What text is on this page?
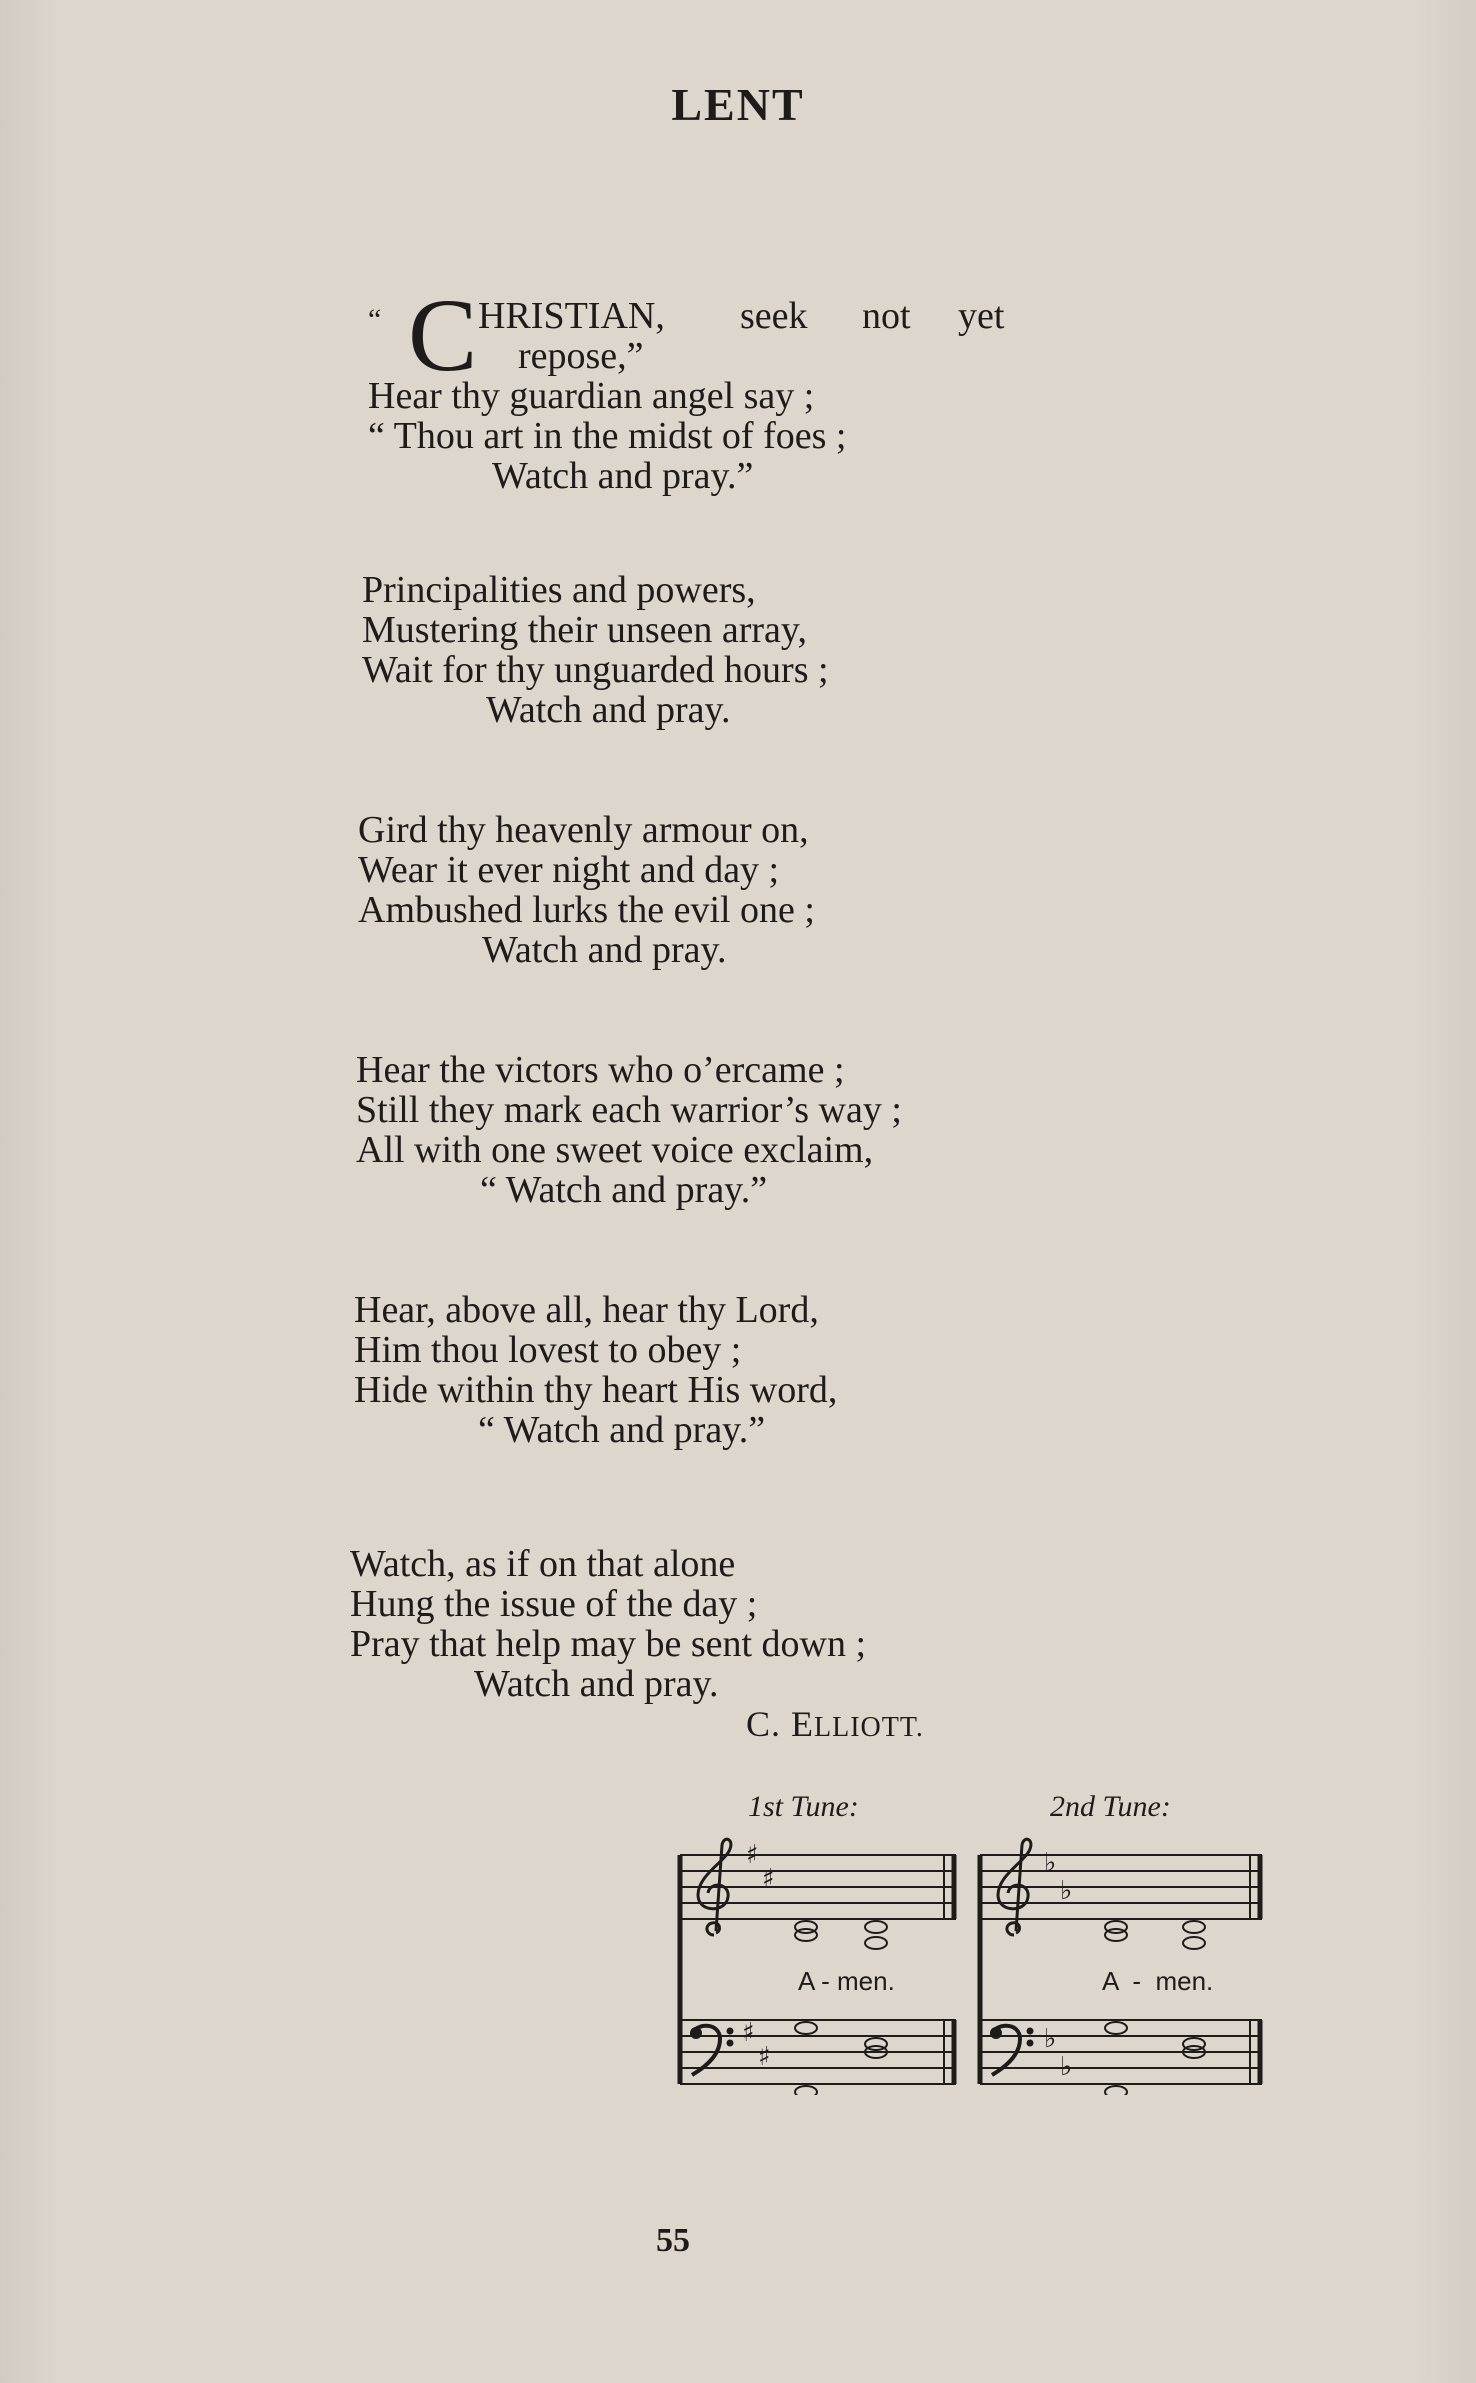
LENT
“ C HRISTIAN, seek not yet
repose,”
Hear thy guardian angel say ;
“ Thou art in the midst of foes ;
Watch and pray.”
Principalities and powers,
Mustering their unseen array,
Wait for thy unguarded hours ;
Watch and pray.
Gird thy heavenly armour on,
Wear it ever night and day ;
Ambushed lurks the evil one ;
Watch and pray.
Hear the victors who o’ercame ;
Still they mark each warrior’s way ;
All with one sweet voice exclaim,
“ Watch and pray.”
Hear, above all, hear thy Lord,
Him thou lovest to obey ;
Hide within thy heart His word,
“ Watch and pray.”
Watch, as if on that alone
Hung the issue of the day ;
Pray that help may be sent down ;
Watch and pray.
C. ELLIOTT.
1st Tune:	2nd Tune:
♯
♯
♯
♯
A - men.
♭
♭
♭
♭
A  -  men.
55
